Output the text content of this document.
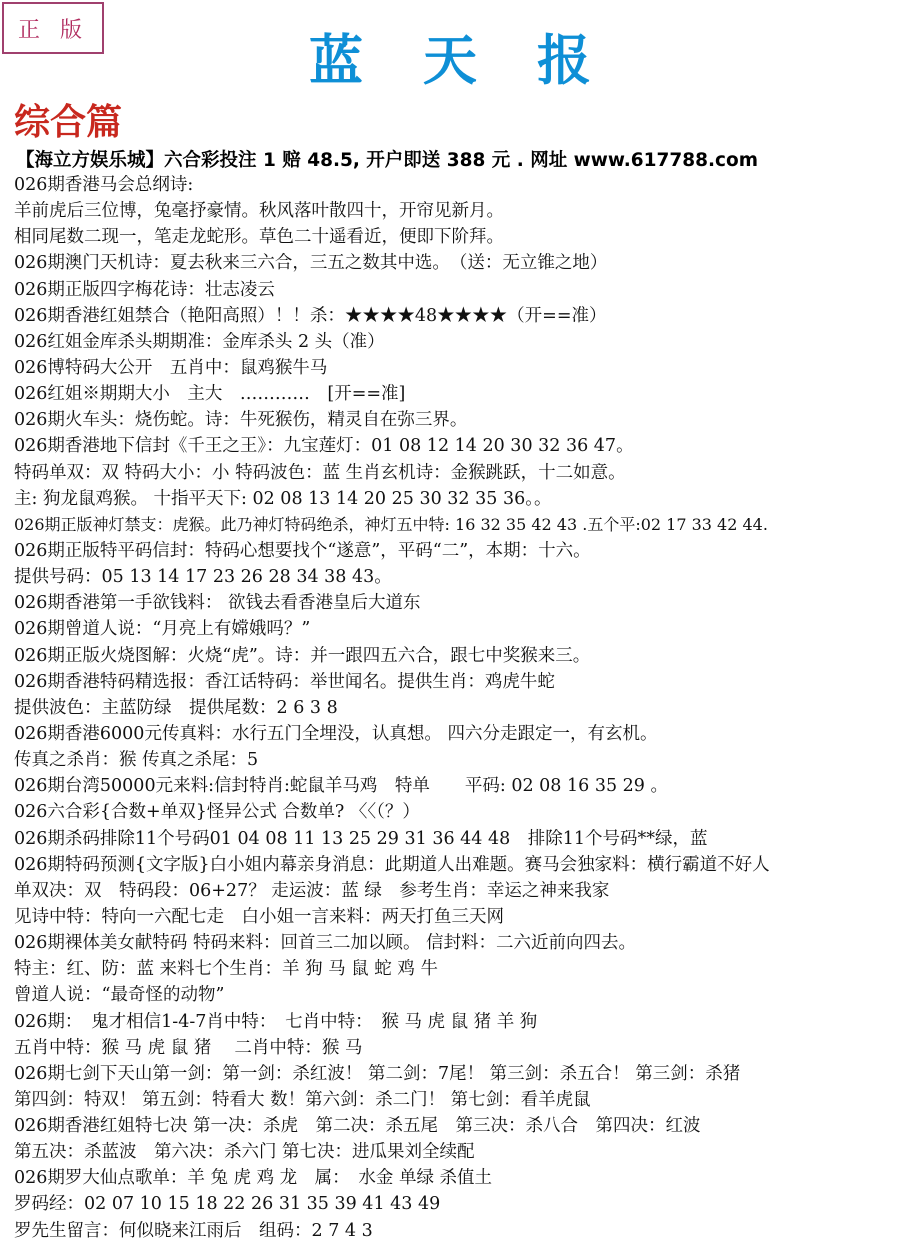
正版	蓝天报
综合篇
【海立方娱乐城】六合彩投注 1 赔 48.5, 开户即送 388 元 . 网址 www.617788.com
026期香港马会总纲诗:
羊前虎后三位博，兔毫抒豪情。秋风落叶散四十，开帘见新月。
相同尾数二现一，笔走龙蛇形。草色二十遥看近，便即下阶拜。
026期澳门天机诗：夏去秋来三六合，三五之数其中选。　（送：无立锥之地）
026期正版四字梅花诗：壮志凌云
026期香港红姐禁合（艳阳高照）！！杀：★★★★48★★★★（开==准）
026红姐金库杀头期期准：金库杀头 2 头（准）
026博特码大公开　五肖中：鼠鸡猴牛马
026红姐※期期大小　主大　…………　[开==准]
026期火车头：烧伤蛇。诗：牛死猴伤，精灵自在弥三界。
026期香港地下信封《千王之王》：九宝莲灯：01 08 12 14 20 30 32 36 47。
特码单双：双 特码大小：小 特码波色：蓝 生肖玄机诗：金猴跳跃，十二如意。
主: 狗龙鼠鸡猴。 十指平天下: 02 08 13 14 20 25 30 32 35 36。。
026期正版神灯禁支：虎猴。此乃神灯特码绝杀，神灯五中特: 16 32 35 42 43 .五个平:02 17 33 42 44.
026期正版特平码信封：特码心想要找个“遂意”，平码“二”，本期：十六。
提供号码：05 13 14 17 23 26 28 34 38 43。
026期香港第一手欲钱料： 欲钱去看香港皇后大道东
026期曾道人说：“月亮上有嫦娥吗？”
026期正版火烧图解：火烧“虎”。诗：并一跟四五六合，跟七中奖猴来三。
026期香港特码精选报：香江话特码：举世闻名。提供生肖：鸡虎牛蛇
提供波色：主蓝防绿　提供尾数：2 6 3 8
026期香港6000元传真料：水行五门全埋没，认真想。 四六分走跟定一，有玄机。
传真之杀肖：猴 传真之杀尾：5
026期台湾50000元来料:信封特肖:蛇鼠羊马鸡　特单　　平码: 02 08 16 35 29 。
026六合彩{合数+单双}怪异公式 合数单? 〈〈（？）
026期杀码排除11个号码01 04 08 11 13 25 29 31 36 44 48　排除11个号码**绿，蓝
026期特码预测{文字版}白小姐内幕亲身消息：此期道人出难题。赛马会独家料：横行霸道不好人
单双决：双　特码段：06+27？ 走运波：蓝 绿　参考生肖：幸运之神来我家
见诗中特：特向一六配七走　白小姐一言来料：两天打鱼三天网
026期裸体美女献特码 特码来料：回首三二加以顾。 信封料：二六近前向四去。
特主：红、防：蓝 来料七个生肖：羊 狗 马 鼠 蛇 鸡 牛
曾道人说：“最奇怪的动物”
026期：　鬼才相信1-4-7肖中特：　七肖中特：　猴 马 虎 鼠 猪 羊 狗
五肖中特：猴 马 虎 鼠 猪　 二肖中特：猴 马
026期七剑下天山第一剑：第一剑：杀红波！ 第二剑：7尾！ 第三剑：杀五合！ 第三剑：杀猪
第四剑：特双！ 第五剑：特看大 数！第六剑：杀二门！ 第七剑：看羊虎鼠
026期香港红姐特七决 第一决：杀虎　第二决：杀五尾　第三决：杀八合　第四决：红波
第五决：杀蓝波　第六决：杀六门 第七决：进瓜果刘全续配
026期罗大仙点歌单：羊 兔 虎 鸡 龙　属：　水金 单绿 杀值土
罗码经：02 07 10 15 18 22 26 31 35 39 41 43 49
罗先生留言：何似晓来江雨后　组码：2 7 4 3
